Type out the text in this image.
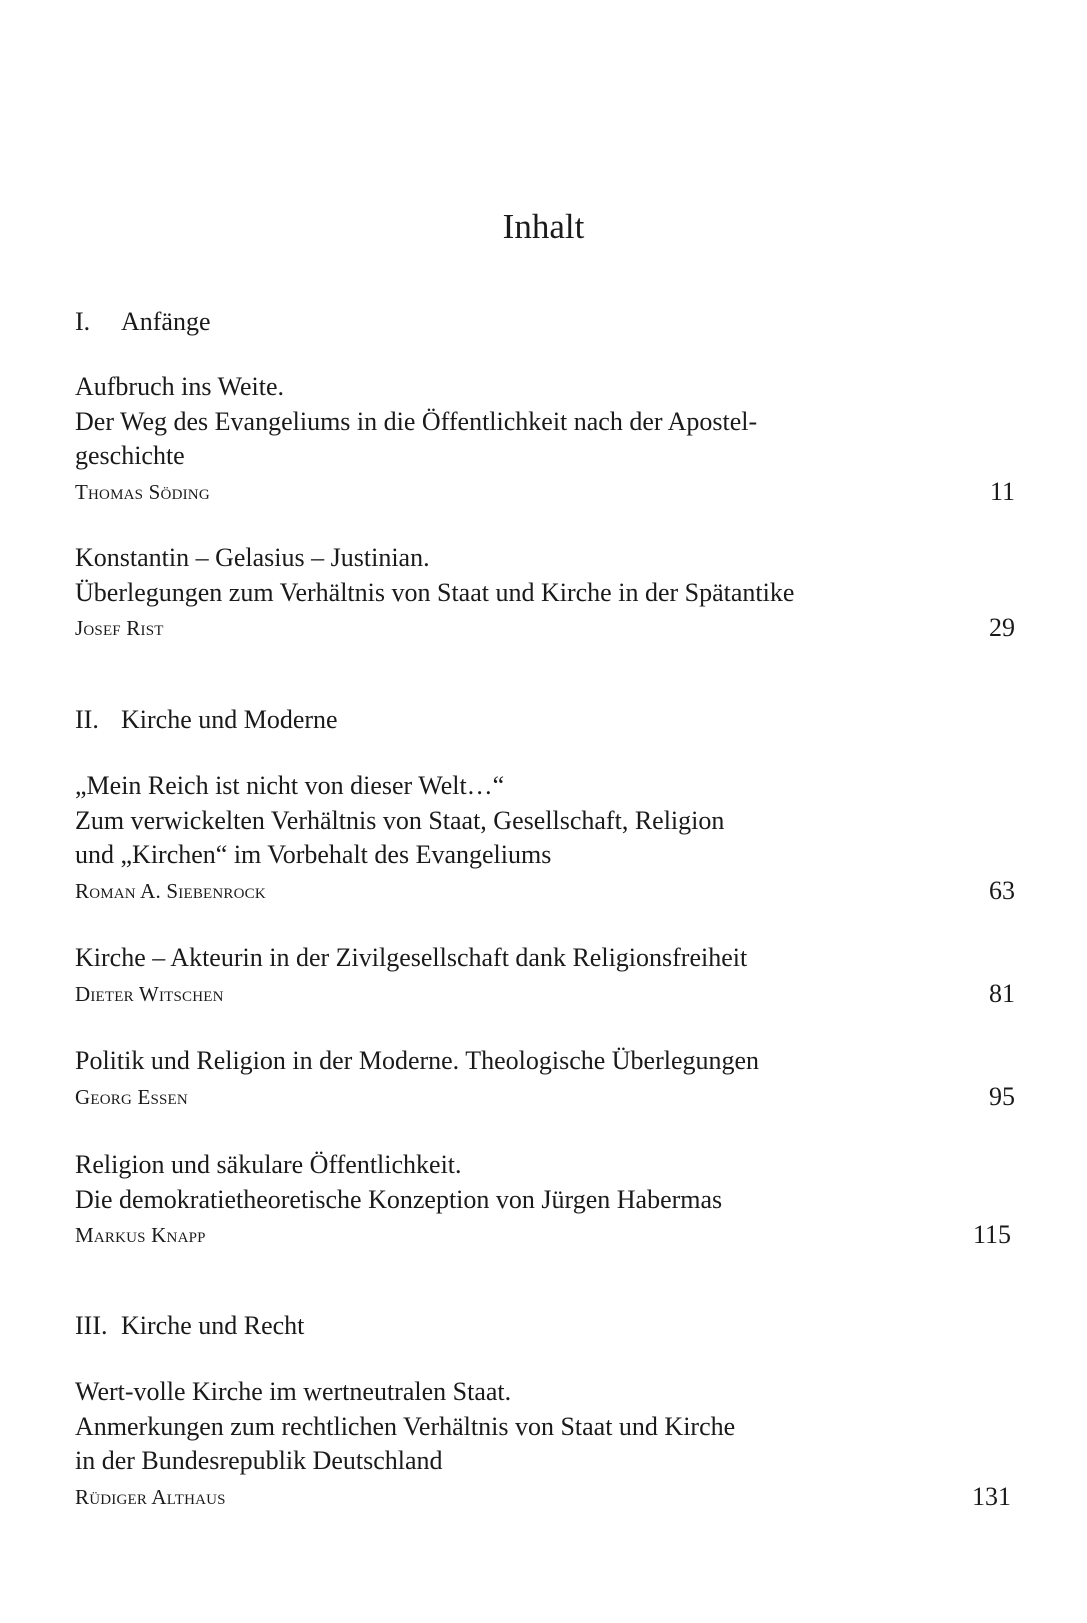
Inhalt
I. Anfänge
Aufbruch ins Weite.
Der Weg des Evangeliums in die Öffentlichkeit nach der Apostel-
geschichte
Thomas Söding	11
Konstantin – Gelasius – Justinian.
Überlegungen zum Verhältnis von Staat und Kirche in der Spätantike
Josef Rist	29
II. Kirche und Moderne
„Mein Reich ist nicht von dieser Welt…“
Zum verwickelten Verhältnis von Staat, Gesellschaft, Religion
und „Kirchen“ im Vorbehalt des Evangeliums
Roman A. Siebenrock	63
Kirche – Akteurin in der Zivilgesellschaft dank Religionsfreiheit
Dieter Witschen	81
Politik und Religion in der Moderne. Theologische Überlegungen
Georg Essen	95
Religion und säkulare Öffentlichkeit.
Die demokratietheoretische Konzeption von Jürgen Habermas
Markus Knapp	115
III. Kirche und Recht
Wert-volle Kirche im wertneutralen Staat.
Anmerkungen zum rechtlichen Verhältnis von Staat und Kirche
in der Bundesrepublik Deutschland
Rüdiger Althaus	131
